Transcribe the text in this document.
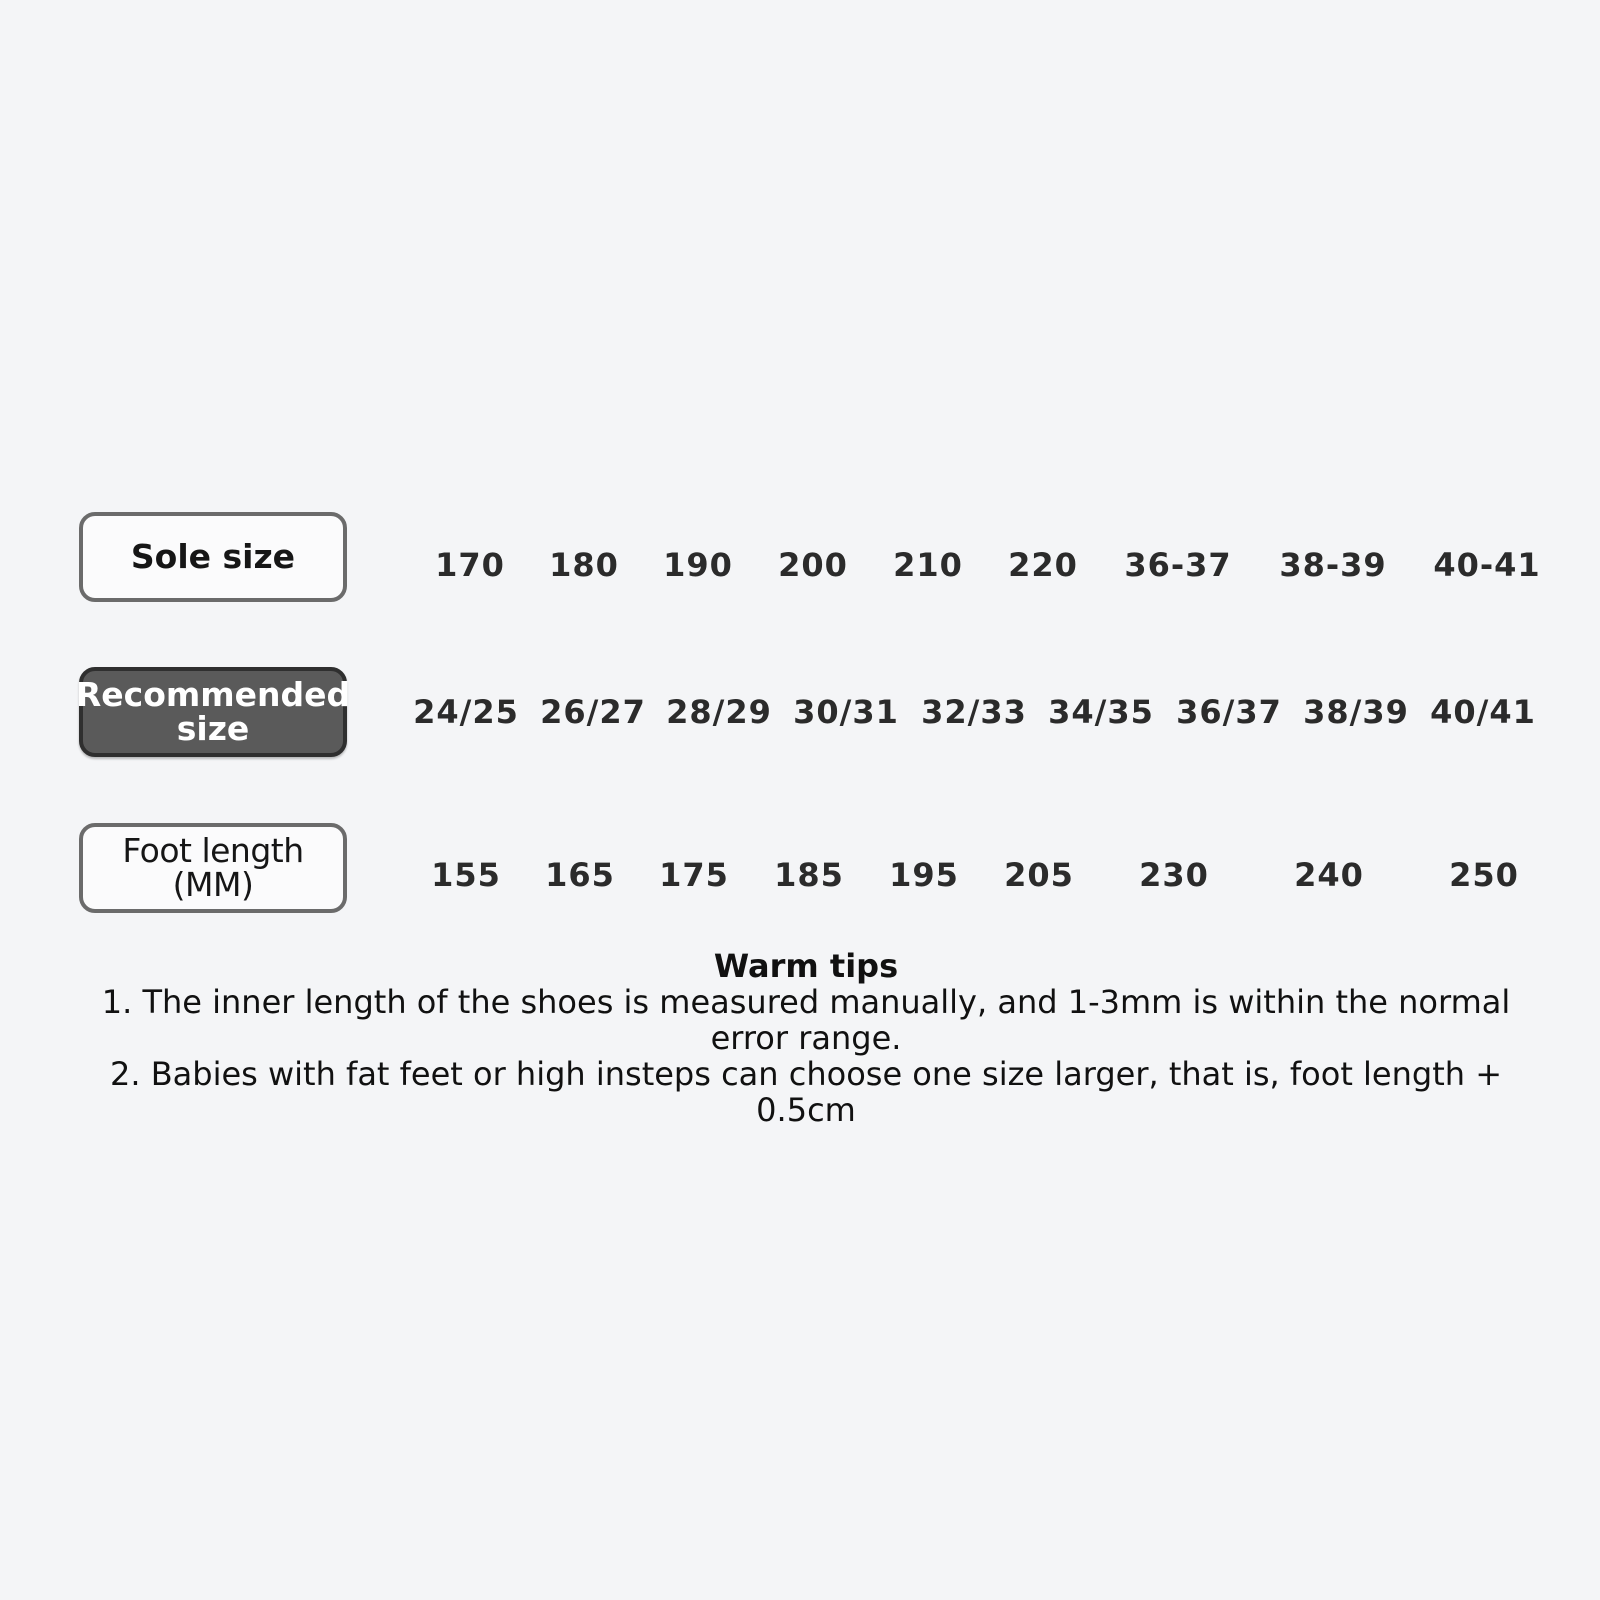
Sole size	170	180	190	200	210	220	36-37	38-39	40-41
Recommended size	24/25 26/27 28/29 30/31 32/33 34/35 36/37 38/39 40/41
Foot length (MM)	155	165	175	185	195	205	230	240	250
Warm tips
1. The inner length of the shoes is measured manually, and 1-3mm is within the normal error range.
2. Babies with fat feet or high insteps can choose one size larger, that is, foot length + 0.5cm
